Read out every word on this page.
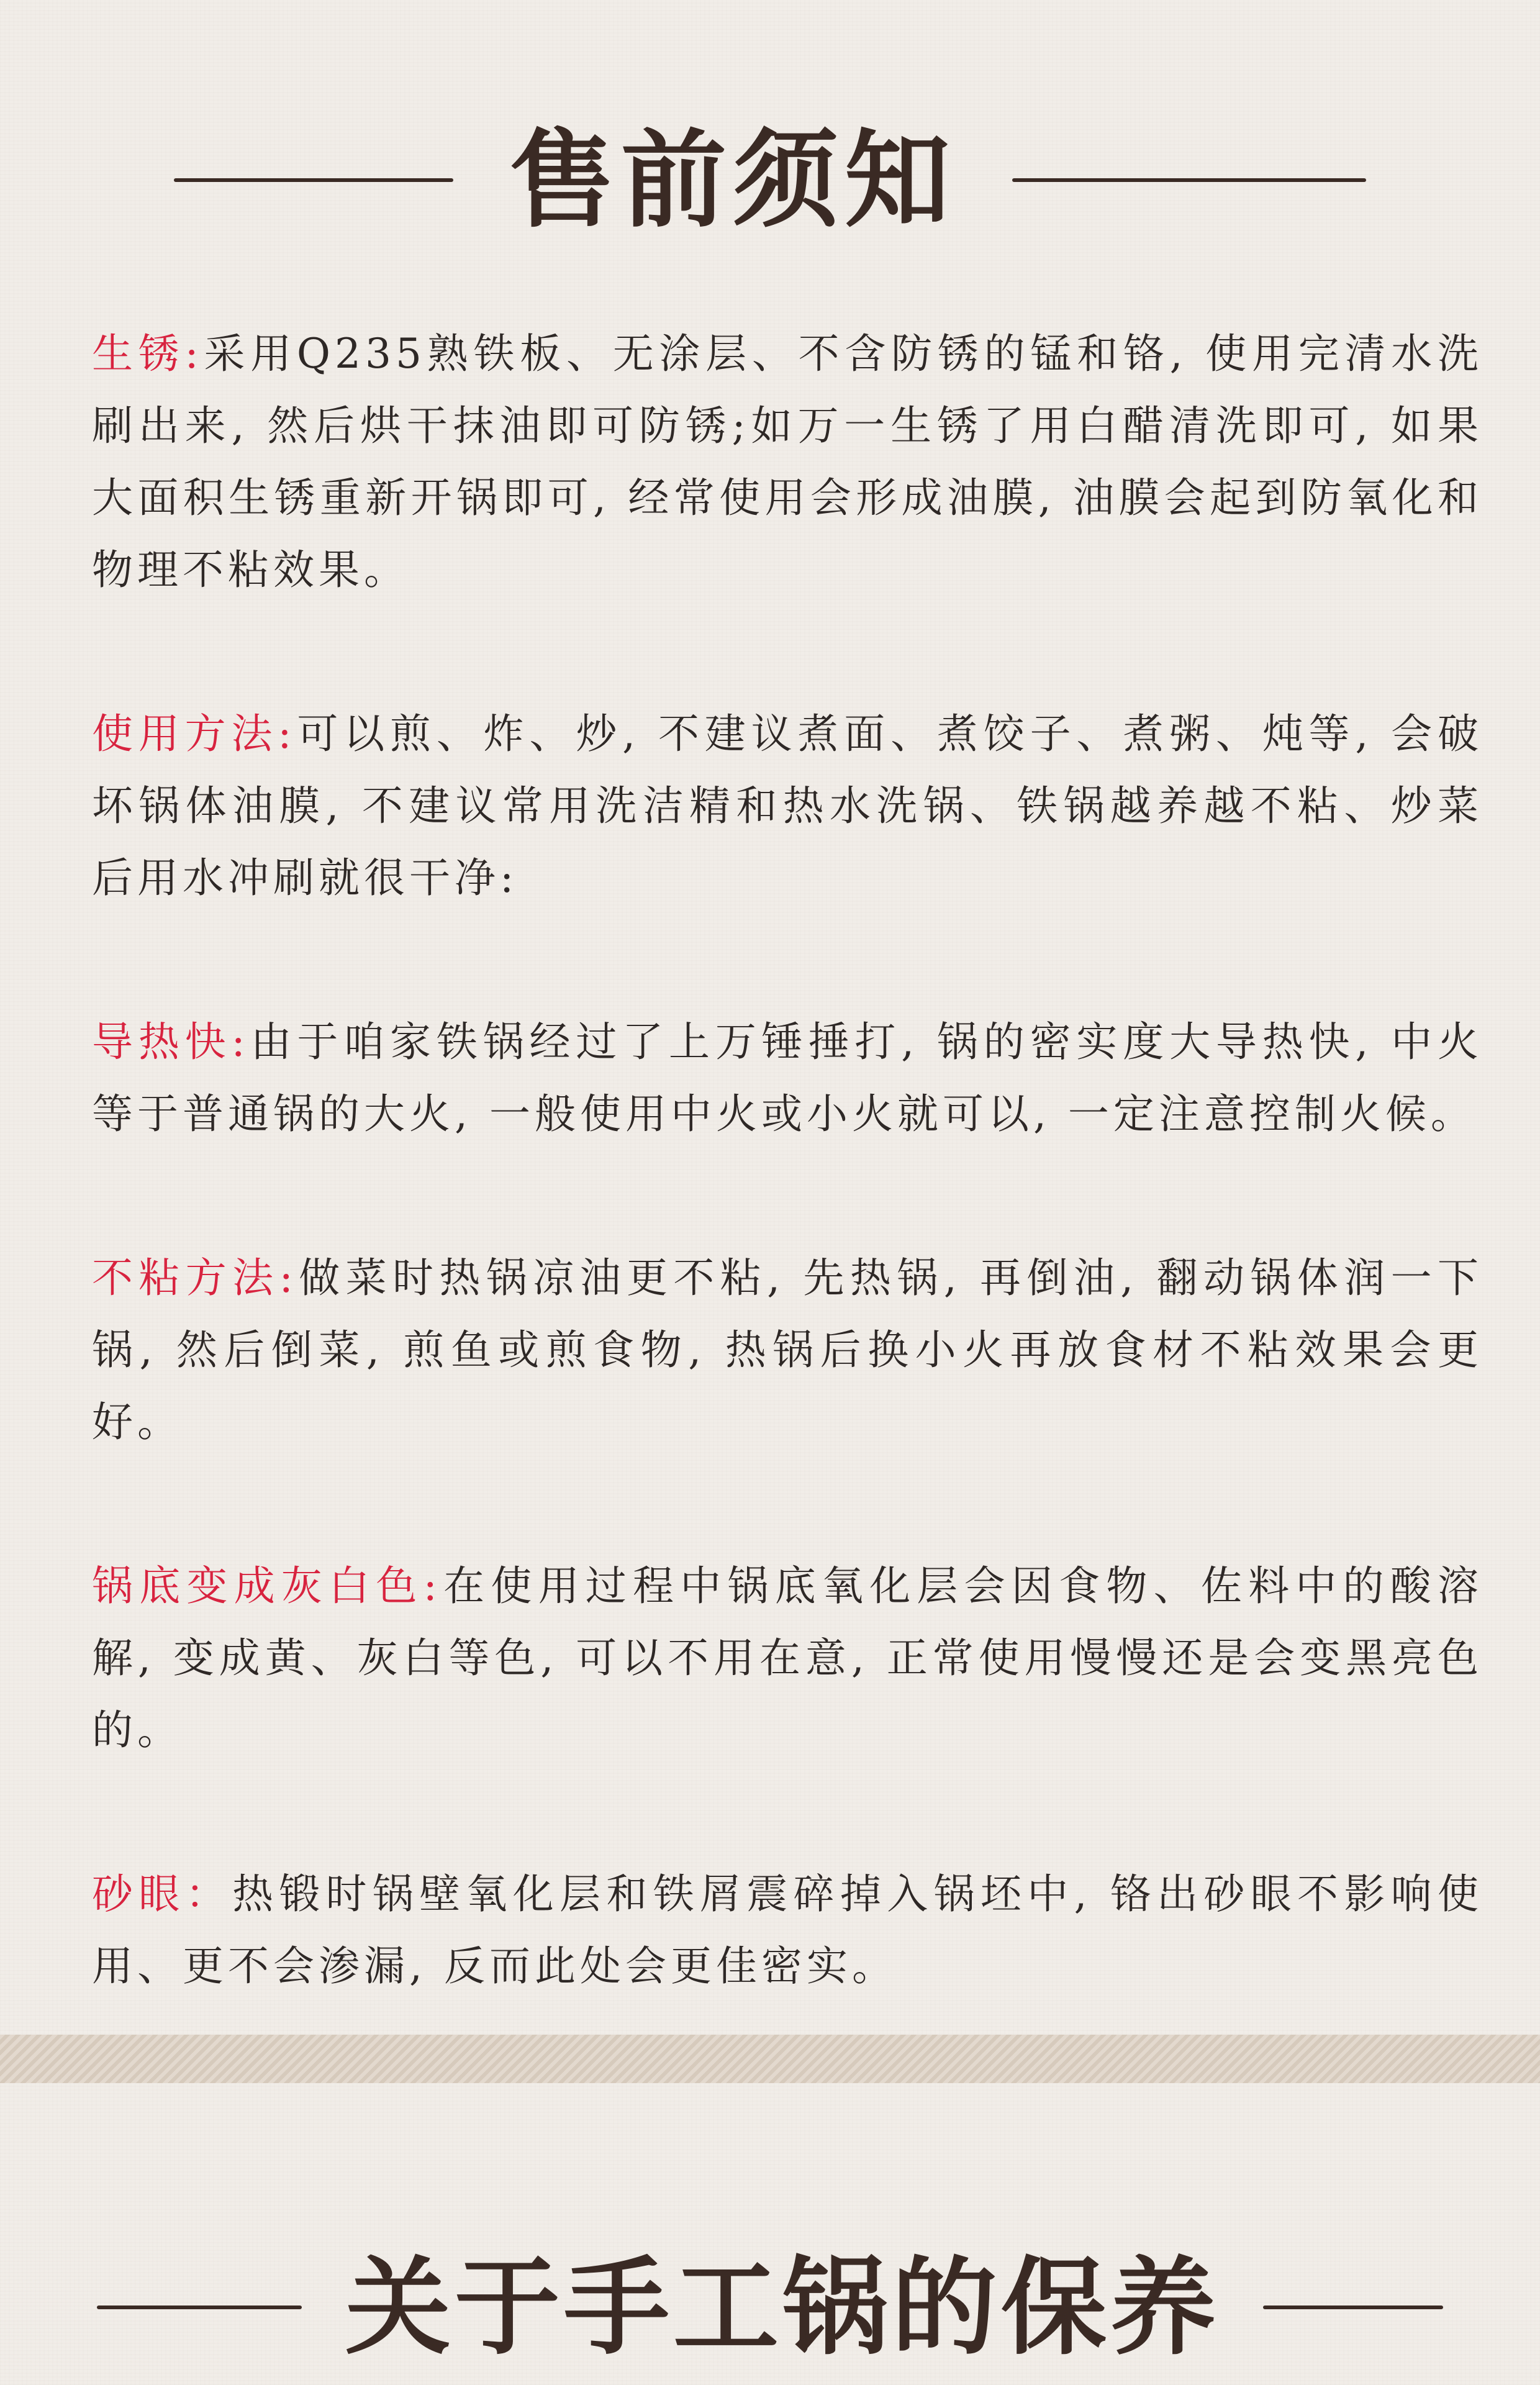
售前须知

生锈:采用Q235熟铁板、无涂层、不含防锈的锰和铬, 使用完清水洗刷出来, 然后烘干抹油即可防锈;如万一生锈了用白醋清洗即可, 如果大面积生锈重新开锅即可, 经常使用会形成油膜, 油膜会起到防氧化和物理不粘效果。

使用方法:可以煎、炸、炒, 不建议煮面、煮饺子、煮粥、炖等, 会破坏锅体油膜, 不建议常用洗洁精和热水洗锅、铁锅越养越不粘、炒菜后用水冲刷就很干净:

导热快:由于咱家铁锅经过了上万锤捶打, 锅的密实度大导热快, 中火等于普通锅的大火, 一般使用中火或小火就可以, 一定注意控制火候。

不粘方法:做菜时热锅凉油更不粘, 先热锅, 再倒油, 翻动锅体润一下锅, 然后倒菜, 煎鱼或煎食物, 热锅后换小火再放食材不粘效果会更好。

锅底变成灰白色:在使用过程中锅底氧化层会因食物、佐料中的酸溶解, 变成黄、灰白等色, 可以不用在意, 正常使用慢慢还是会变黑亮色的。

砂眼：热锻时锅壁氧化层和铁屑震碎掉入锅坯中, 铬出砂眼不影响使用、更不会渗漏, 反而此处会更佳密实。

关于手工锅的保养
